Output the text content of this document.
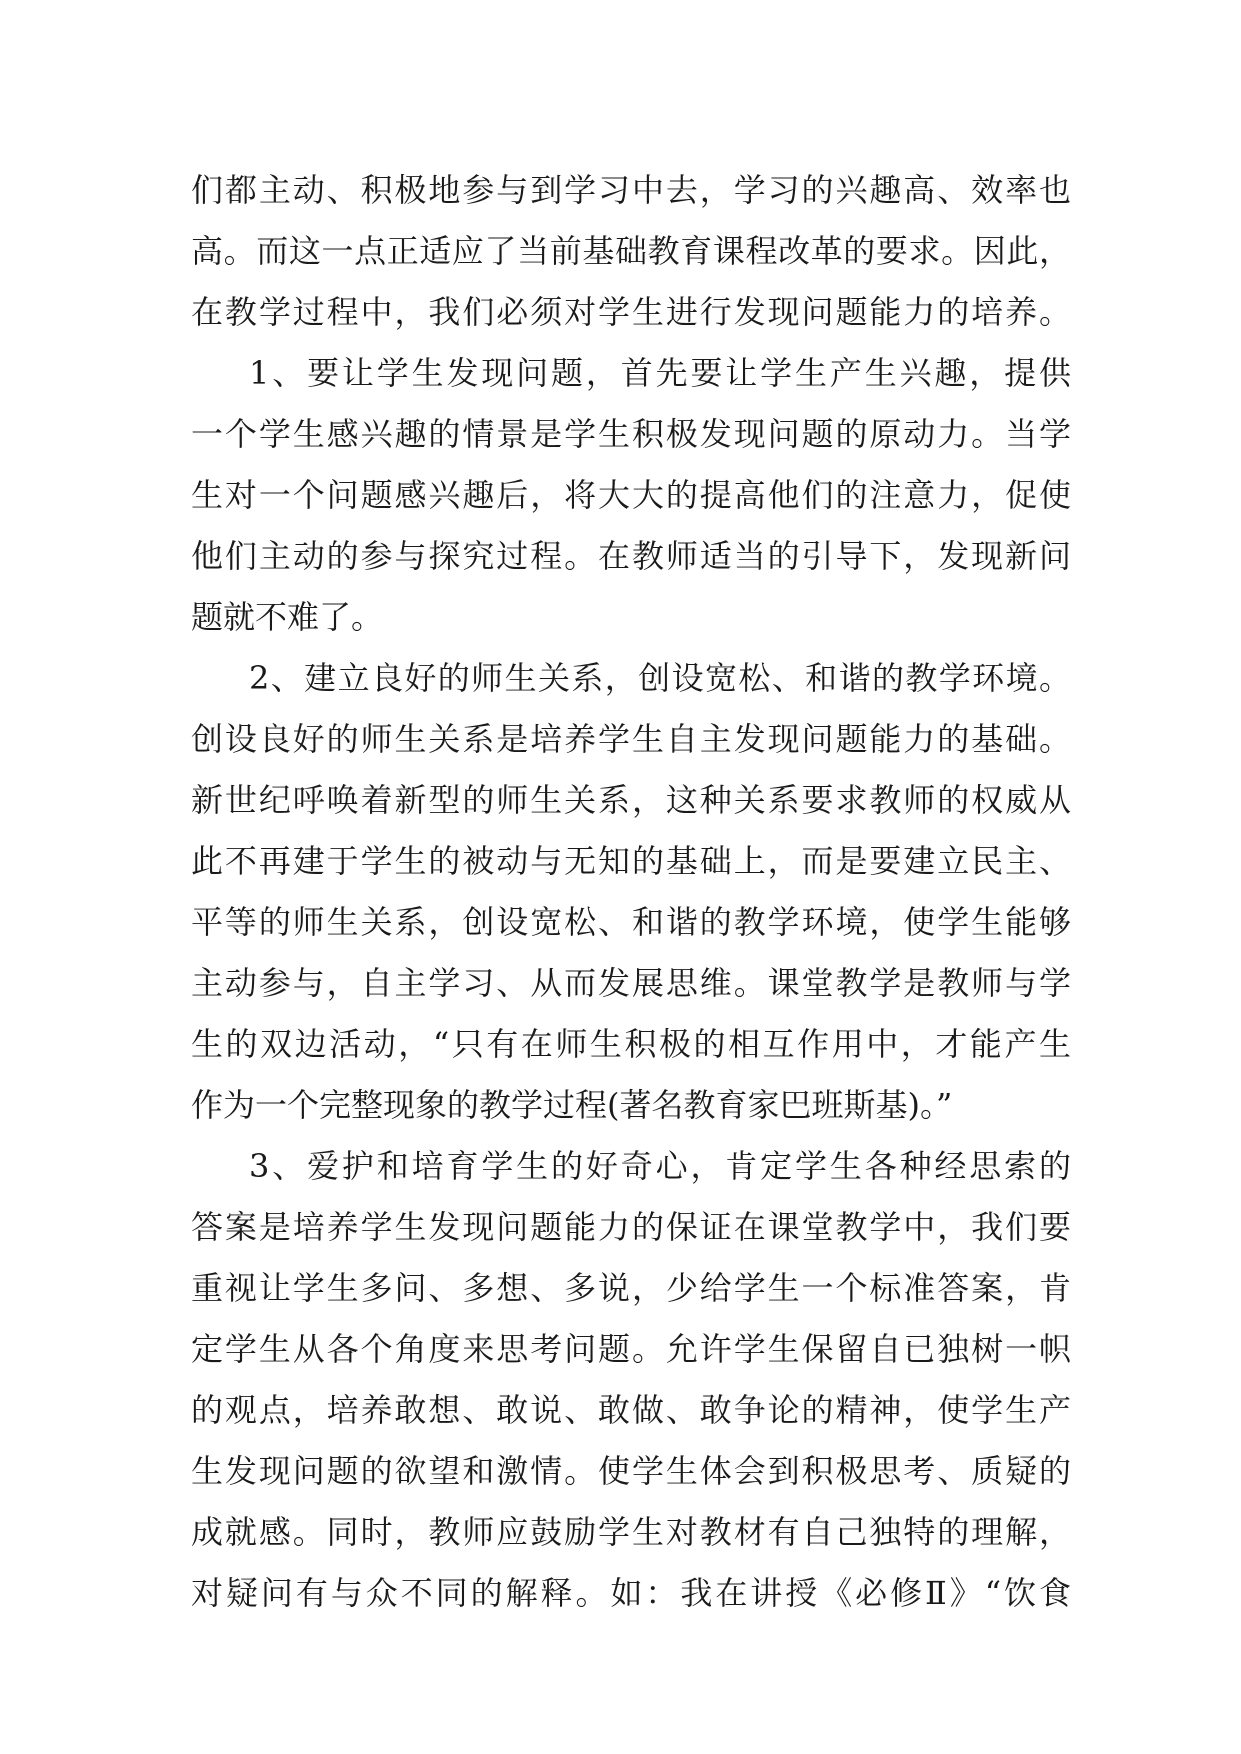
们都主动、积极地参与到学习中去，学习的兴趣高、效率也
高。而这一点正适应了当前基础教育课程改革的要求。因此，
在教学过程中，我们必须对学生进行发现问题能力的培养。
1、要让学生发现问题，首先要让学生产生兴趣，提供
一个学生感兴趣的情景是学生积极发现问题的原动力。当学
生对一个问题感兴趣后，将大大的提高他们的注意力，促使
他们主动的参与探究过程。在教师适当的引导下，发现新问
题就不难了。
2、建立良好的师生关系，创设宽松、和谐的教学环境。
创设良好的师生关系是培养学生自主发现问题能力的基础。
新世纪呼唤着新型的师生关系，这种关系要求教师的权威从
此不再建于学生的被动与无知的基础上，而是要建立民主、
平等的师生关系，创设宽松、和谐的教学环境，使学生能够
主动参与，自主学习、从而发展思维。课堂教学是教师与学
生的双边活动，“只有在师生积极的相互作用中，才能产生
作为一个完整现象的教学过程(著名教育家巴班斯基)。”
3、爱护和培育学生的好奇心，肯定学生各种经思索的
答案是培养学生发现问题能力的保证在课堂教学中，我们要
重视让学生多问、多想、多说，少给学生一个标准答案，肯
定学生从各个角度来思考问题。允许学生保留自已独树一帜
的观点，培养敢想、敢说、敢做、敢争论的精神，使学生产
生发现问题的欲望和激情。使学生体会到积极思考、质疑的
成就感。同时，教师应鼓励学生对教材有自己独特的理解，
对疑问有与众不同的解释。如：我在讲授《必修Ⅱ》“饮食
